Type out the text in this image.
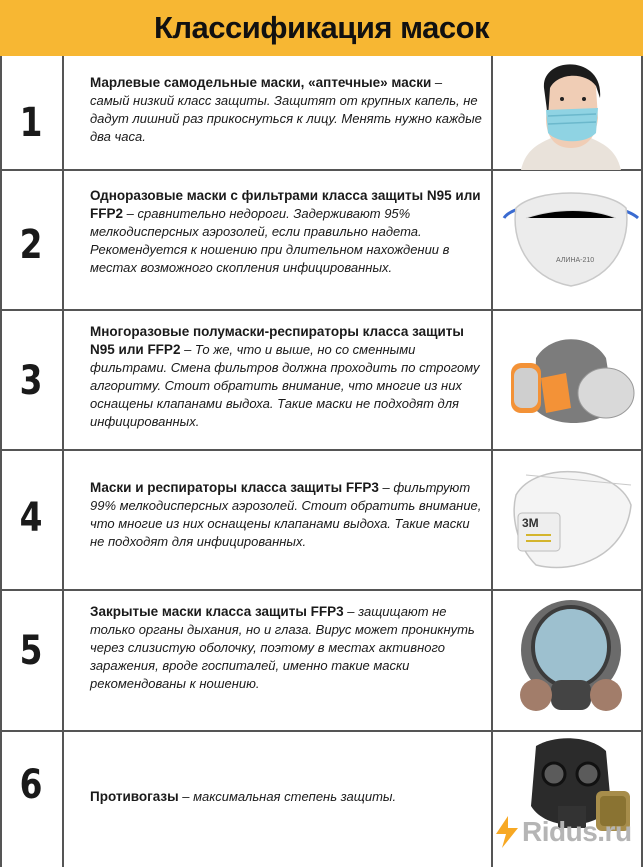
Классификация масок
1
2
3
4
5
6
Марлевые самодельные маски, «аптечные» маски – самый низкий класс защиты. Защитят от крупных капель, не дадут лишний раз прикоснуться к лицу. Менять нужно каждые два часа.
Одноразовые маски с фильтрами класса защиты N95 или FFP2 – сравнительно недороги. Задерживают 95% мелкодисперсных аэрозолей, если правильно надета. Рекомендуется к ношению при длительном нахождении в местах возможного скопления инфицированных.
Многоразовые полумаски-респираторы класса защиты N95 или FFP2 – То же, что и выше, но со сменными фильтрами. Смена фильтров должна проходить по строгому алгоритму. Стоит обратить внимание, что многие из них оснащены клапанами выдоха. Такие маски не подходят для инфицированных.
Маски и респираторы класса защиты FFP3 – фильтруют 99% мелкодисперсных аэрозолей. Стоит обратить внимание, что многие из них оснащены клапанами выдоха. Такие маски не подходят для инфицированных.
Закрытые маски класса защиты FFP3 – защищают не только органы дыхания, но и глаза. Вирус может проникнуть через слизистую оболочку, поэтому в местах активного заражения, вроде госпиталей, именно такие маски рекомендованы к ношению.
Противогазы – максимальная степень защиты.
АЛИНА-210
3M
Ridus.ru
